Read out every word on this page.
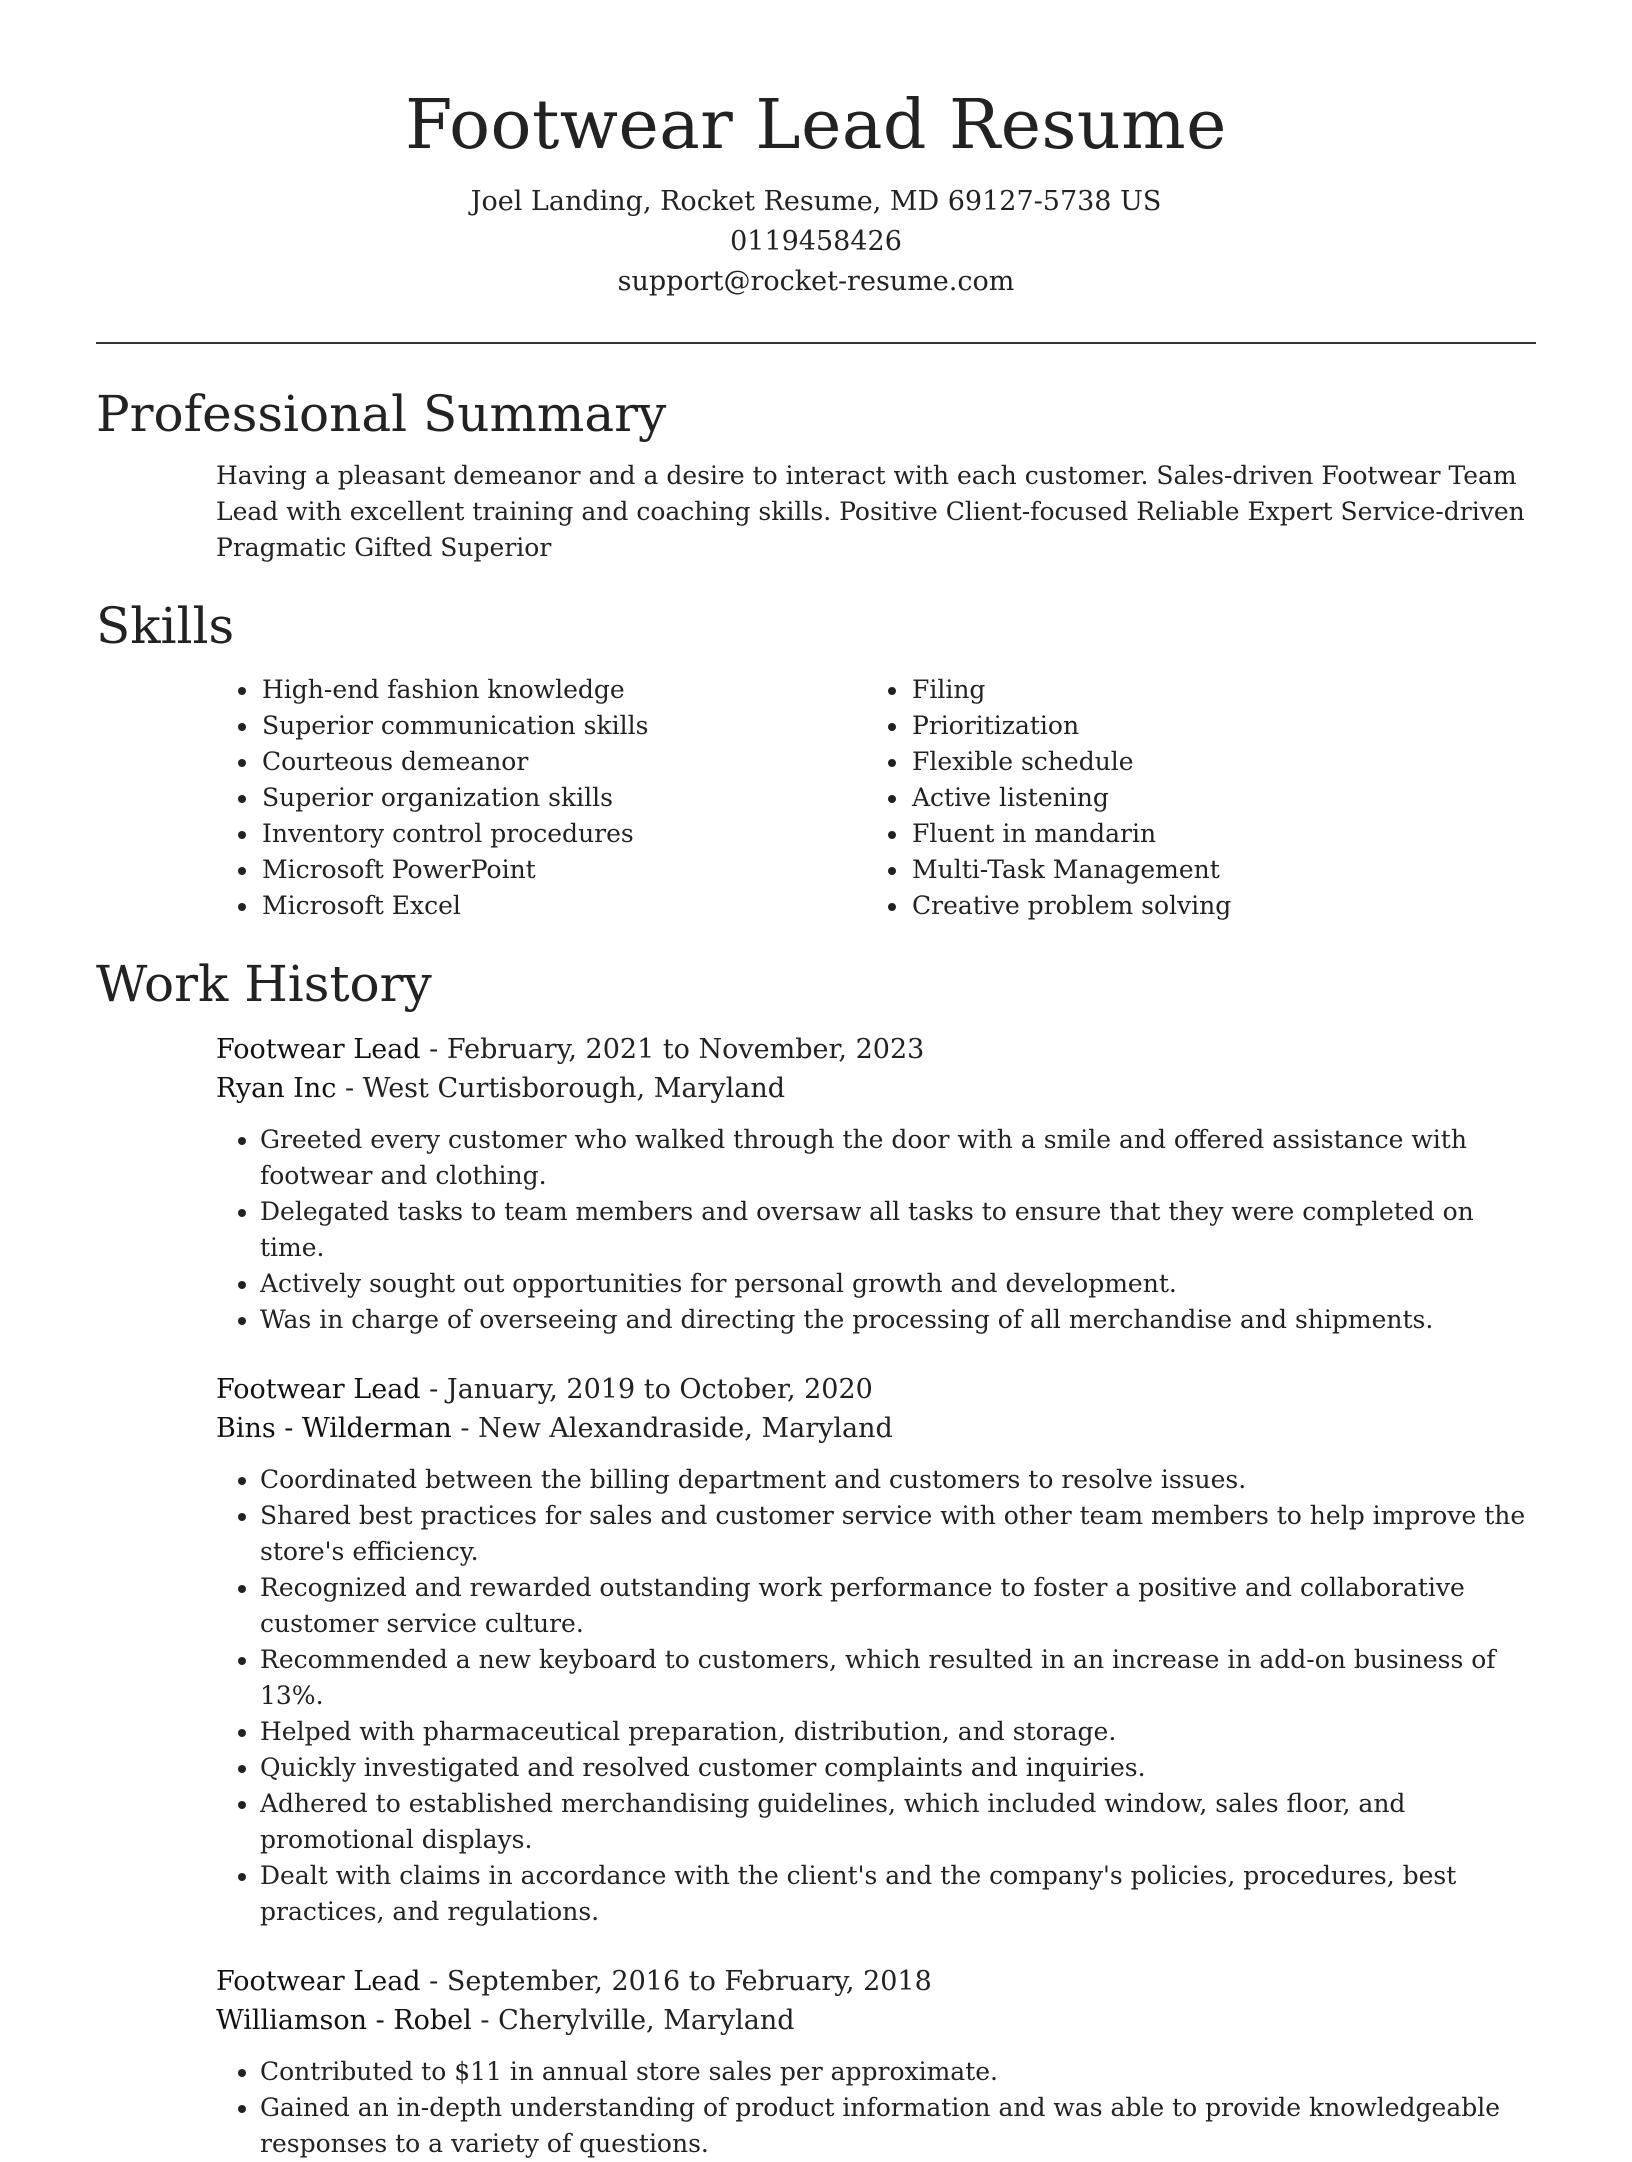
Footwear Lead Resume
Joel Landing, Rocket Resume, MD 69127-5738 US
0119458426
support@rocket-resume.com
Professional Summary

Having a pleasant demeanor and a desire to interact with each customer. Sales-driven Footwear Team Lead with excellent training and coaching skills. Positive Client-focused Reliable Expert Service-driven Pragmatic Gifted Superior

Skills
• High-end fashion knowledge
• Superior communication skills
• Courteous demeanor
• Superior organization skills
• Inventory control procedures
• Microsoft PowerPoint
• Microsoft Excel
• Filing
• Prioritization
• Flexible schedule
• Active listening
• Fluent in mandarin
• Multi-Task Management
• Creative problem solving
Work History
Footwear Lead - February, 2021 to November, 2023
Ryan Inc - West Curtisborough, Maryland
• Greeted every customer who walked through the door with a smile and offered assistance with footwear and clothing.
• Delegated tasks to team members and oversaw all tasks to ensure that they were completed on time.
• Actively sought out opportunities for personal growth and development.
• Was in charge of overseeing and directing the processing of all merchandise and shipments.
Footwear Lead - January, 2019 to October, 2020
Bins - Wilderman - New Alexandraside, Maryland
• Coordinated between the billing department and customers to resolve issues.
• Shared best practices for sales and customer service with other team members to help improve the store's efficiency.
• Recognized and rewarded outstanding work performance to foster a positive and collaborative customer service culture.
• Recommended a new keyboard to customers, which resulted in an increase in add-on business of 13%.
• Helped with pharmaceutical preparation, distribution, and storage.
• Quickly investigated and resolved customer complaints and inquiries.
• Adhered to established merchandising guidelines, which included window, sales floor, and promotional displays.
• Dealt with claims in accordance with the client's and the company's policies, procedures, best practices, and regulations.
Footwear Lead - September, 2016 to February, 2018
Williamson - Robel - Cherylville, Maryland
• Contributed to $11 in annual store sales per approximate.
• Gained an in-depth understanding of product information and was able to provide knowledgeable responses to a variety of questions.
